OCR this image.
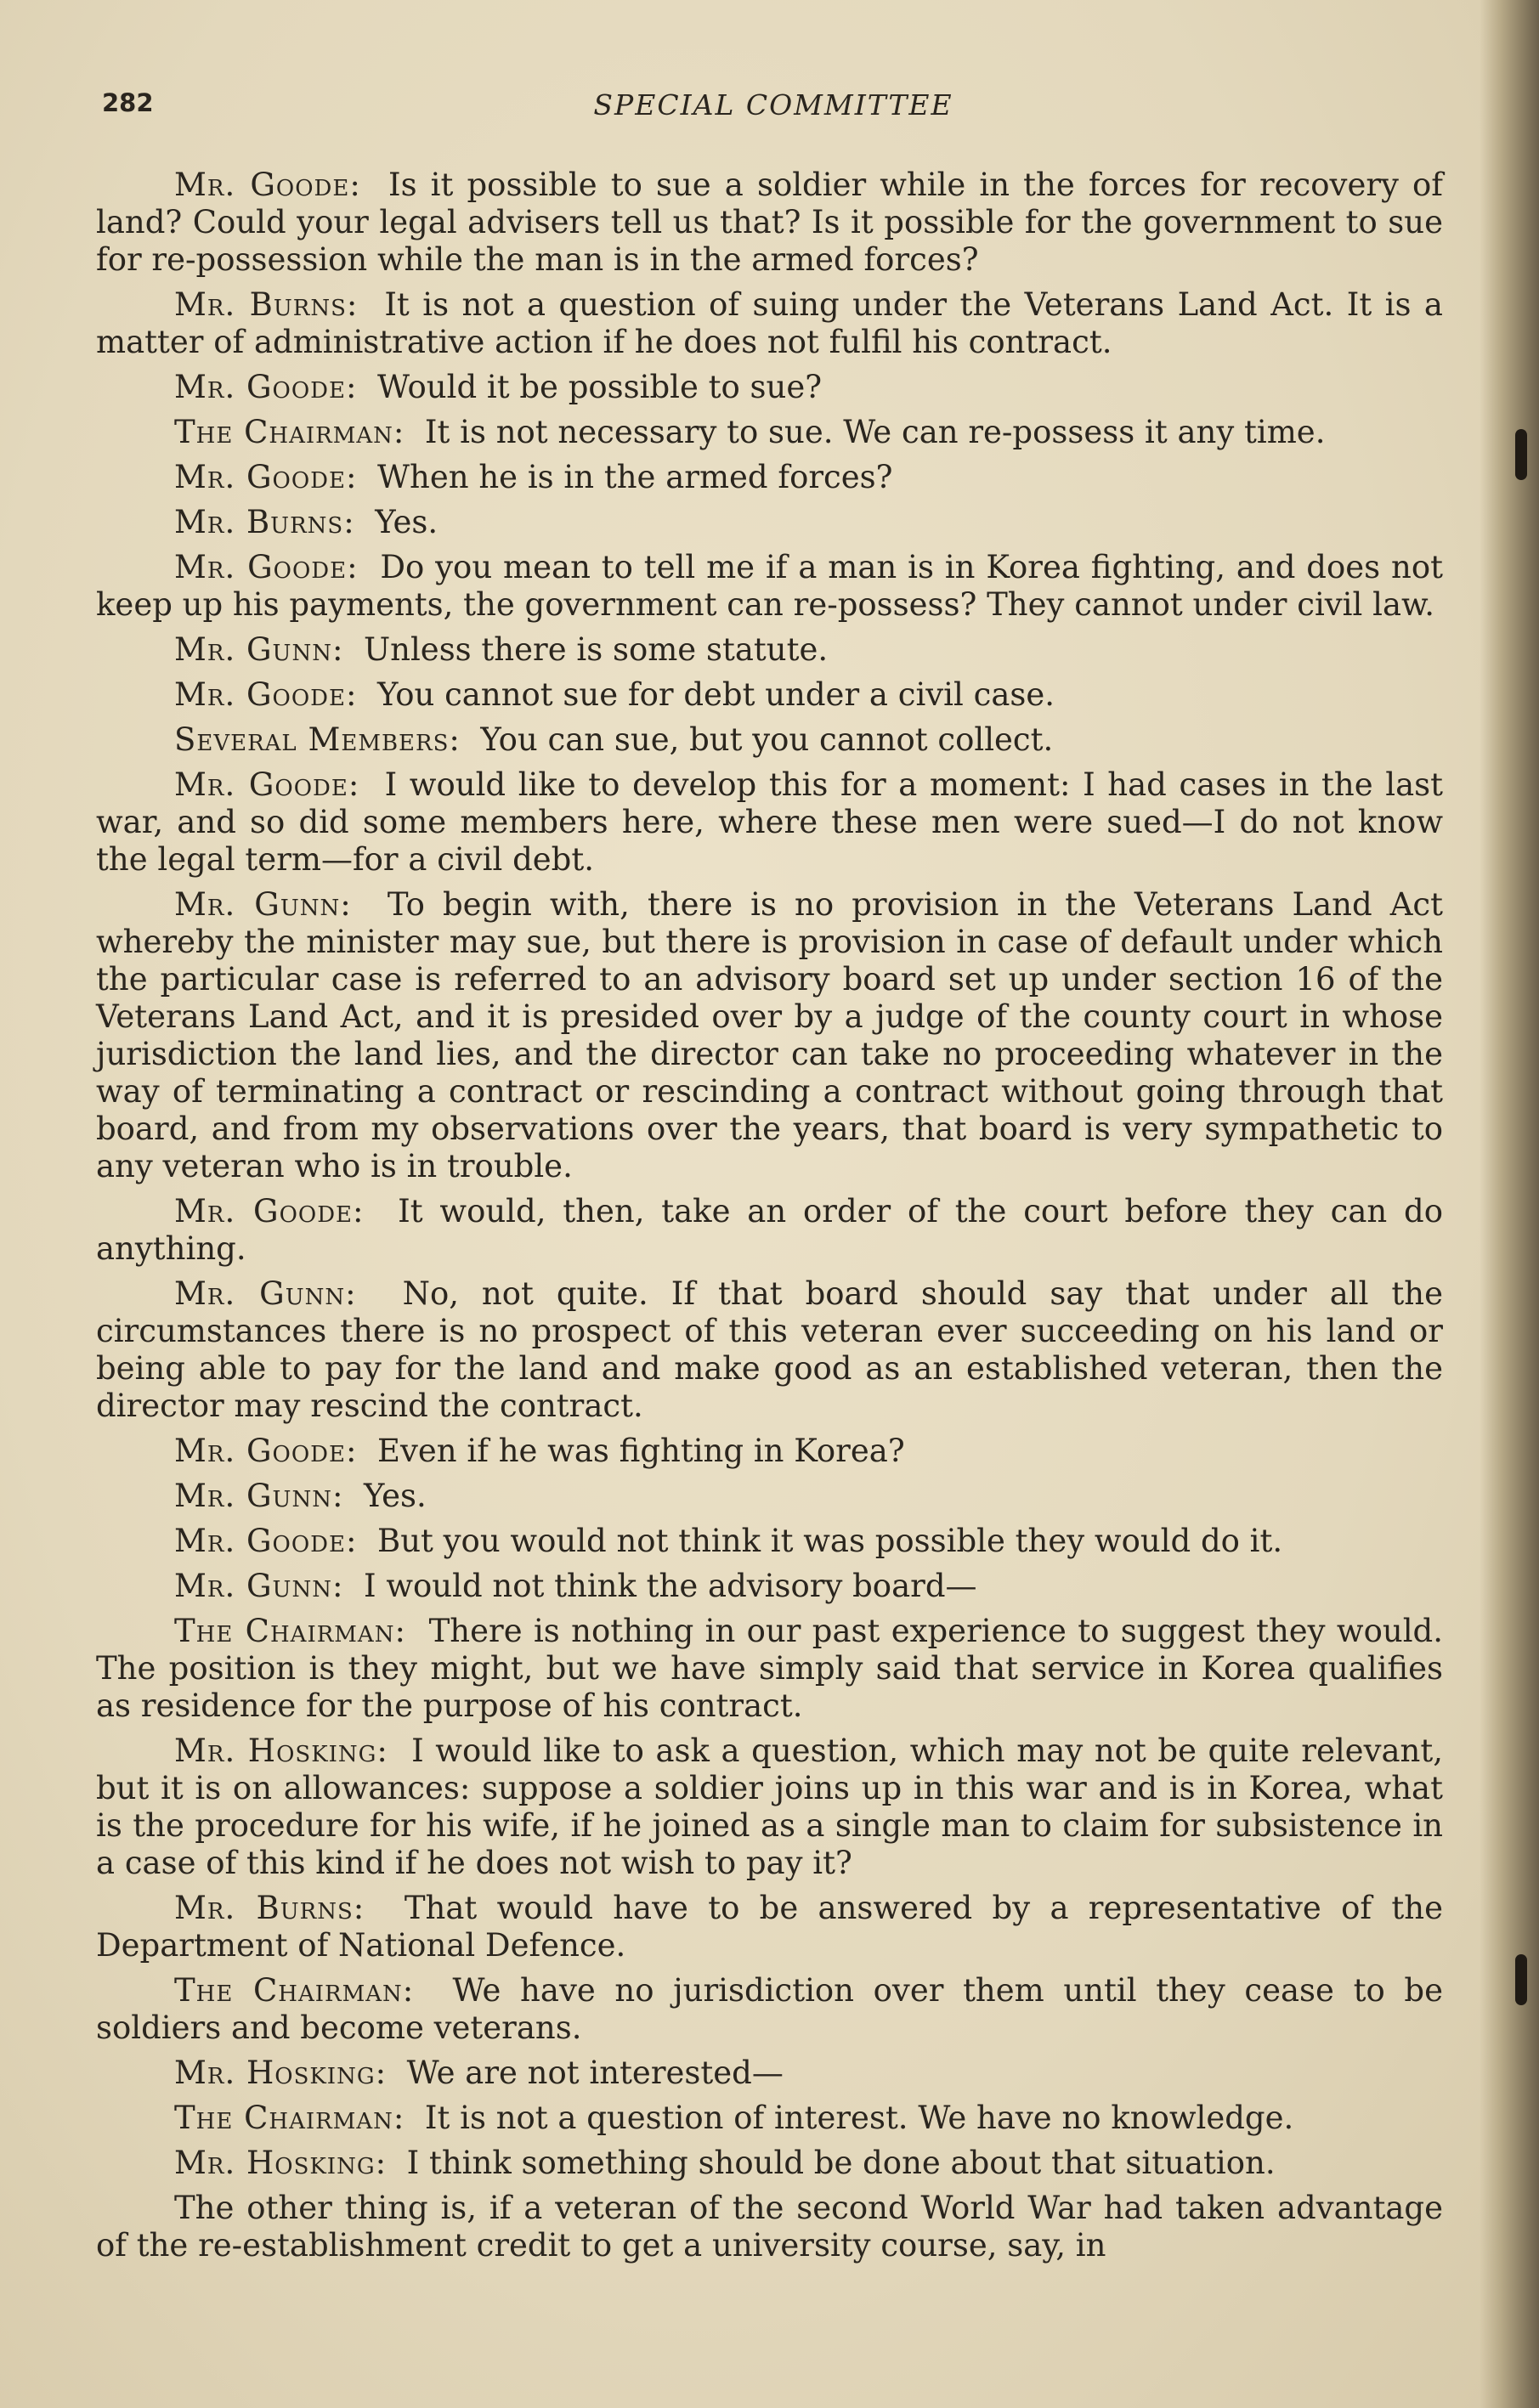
282	SPECIAL COMMITTEE

Mr. Goode: Is it possible to sue a soldier while in the forces for recovery of land? Could your legal advisers tell us that? Is it possible for the government to sue for re-possession while the man is in the armed forces?

Mr. Burns: It is not a question of suing under the Veterans Land Act. It is a matter of administrative action if he does not fulfil his contract.

Mr. Goode: Would it be possible to sue?

The Chairman: It is not necessary to sue. We can re-possess it any time.

Mr. Goode: When he is in the armed forces?

Mr. Burns: Yes.

Mr. Goode: Do you mean to tell me if a man is in Korea fighting, and does not keep up his payments, the government can re-possess? They cannot under civil law.

Mr. Gunn: Unless there is some statute.

Mr. Goode: You cannot sue for debt under a civil case.

Several Members: You can sue, but you cannot collect.

Mr. Goode: I would like to develop this for a moment: I had cases in the last war, and so did some members here, where these men were sued—I do not know the legal term—for a civil debt.

Mr. Gunn: To begin with, there is no provision in the Veterans Land Act whereby the minister may sue, but there is provision in case of default under which the particular case is referred to an advisory board set up under section 16 of the Veterans Land Act, and it is presided over by a judge of the county court in whose jurisdiction the land lies, and the director can take no proceeding whatever in the way of terminating a contract or rescinding a contract without going through that board, and from my observations over the years, that board is very sympathetic to any veteran who is in trouble.

Mr. Goode: It would, then, take an order of the court before they can do anything.

Mr. Gunn: No, not quite. If that board should say that under all the circumstances there is no prospect of this veteran ever succeeding on his land or being able to pay for the land and make good as an established veteran, then the director may rescind the contract.

Mr. Goode: Even if he was fighting in Korea?

Mr. Gunn: Yes.

Mr. Goode: But you would not think it was possible they would do it.

Mr. Gunn: I would not think the advisory board—

The Chairman: There is nothing in our past experience to suggest they would. The position is they might, but we have simply said that service in Korea qualifies as residence for the purpose of his contract.

Mr. Hosking: I would like to ask a question, which may not be quite relevant, but it is on allowances: suppose a soldier joins up in this war and is in Korea, what is the procedure for his wife, if he joined as a single man to claim for subsistence in a case of this kind if he does not wish to pay it?

Mr. Burns: That would have to be answered by a representative of the Department of National Defence.

The Chairman: We have no jurisdiction over them until they cease to be soldiers and become veterans.

Mr. Hosking: We are not interested—

The Chairman: It is not a question of interest. We have no knowledge.

Mr. Hosking: I think something should be done about that situation.

The other thing is, if a veteran of the second World War had taken advantage of the re-establishment credit to get a university course, say, in
